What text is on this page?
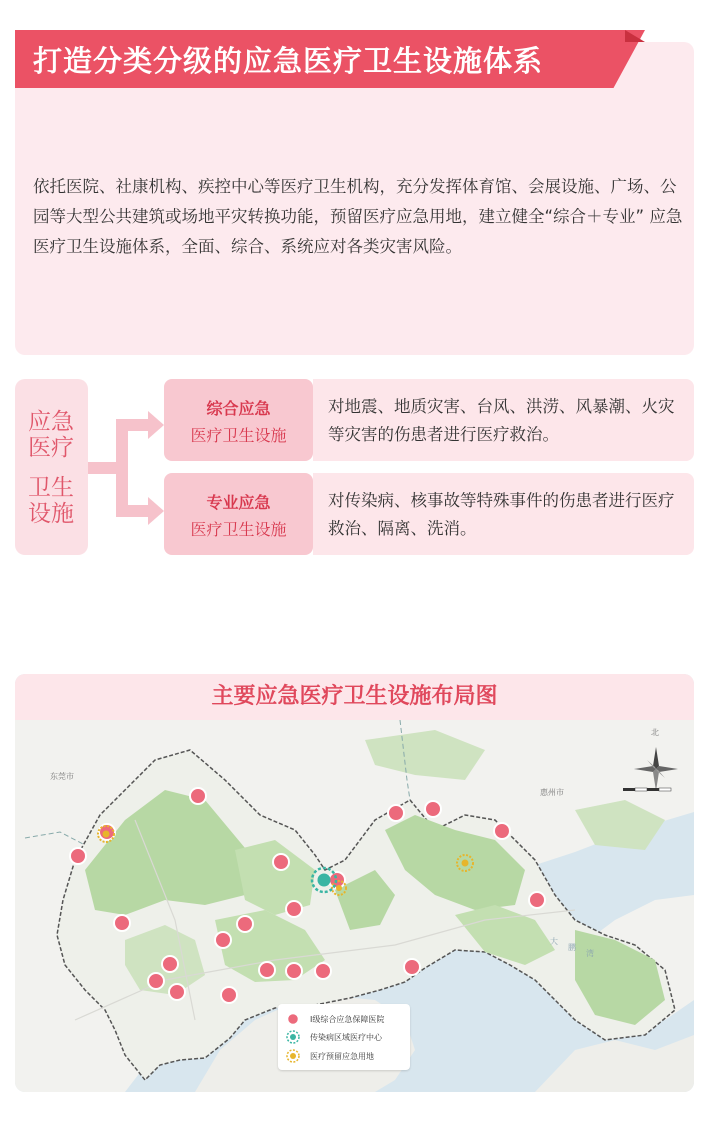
打造分类分级的应急医疗卫生设施体系
依托医院、社康机构、疾控中心等医疗卫生机构，充分发挥体育馆、会展设施、广场、公园等大型公共建筑或场地平灾转换功能，预留医疗应急用地，建立健全“综合＋专业” 应急医疗卫生设施体系，全面、综合、系统应对各类灾害风险。
应急
医疗
卫生
设施
综合应急
医疗卫生设施
对地震、地质灾害、台风、洪涝、风暴潮、火灾等灾害的伤患者进行医疗救治。
专业应急
医疗卫生设施
对传染病、核事故等特殊事件的伤患者进行医疗救治、隔离、洗消。
主要应急医疗卫生设施布局图
北
东莞市
惠州市
大
鹏
湾
Ⅰ级综合应急保障医院
传染病区域医疗中心
医疗预留应急用地
